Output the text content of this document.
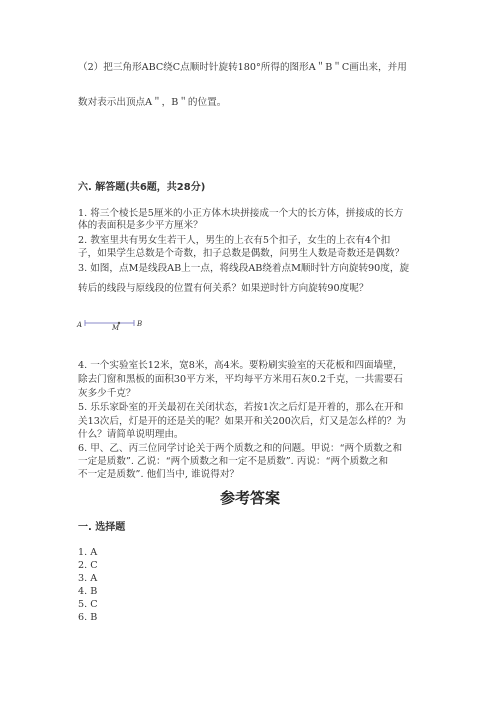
（2）把三角形ABC绕C点顺时针旋转180°所得的图形A＂B＂C画出来，并用
数对表示出顶点A＂，B＂的位置。
六. 解答题(共6题，共28分)
1. 将三个棱长是5厘米的小正方体木块拼接成一个大的长方体，拼接成的长方
体的表面积是多少平方厘米？
2. 教室里共有男女生若干人，男生的上衣有5个扣子，女生的上衣有4个扣
子，如果学生总数是个奇数，扣子总数是偶数，问男生人数是奇数还是偶数？
3. 如图，点M是线段AB上一点，将线段AB绕着点M顺时针方向旋转90度，旋
转后的线段与原线段的位置有何关系？如果逆时针方向旋转90度呢？
A	M	B
4. 一个实验室长12米，宽8米，高4米。要粉刷实验室的天花板和四面墙壁，
除去门窗和黑板的面积30平方米，平均每平方米用石灰0.2千克，一共需要石
灰多少千克？
5. 乐乐家卧室的开关最初在关闭状态，若按1次之后灯是开着的，那么在开和
关13次后，灯是开的还是关的呢？如果开和关200次后，灯又是怎么样的？为
什么？请简单说明理由。
6. 甲、乙、丙三位同学讨论关于两个质数之和的问题。甲说：“两个质数之和
一定是质数”. 乙说：“两个质数之和一定不是质数”. 丙说：“两个质数之和
不一定是质数”. 他们当中, 谁说得对？
参考答案
一. 选择题
1. A
2. C
3. A
4. B
5. C
6. B
